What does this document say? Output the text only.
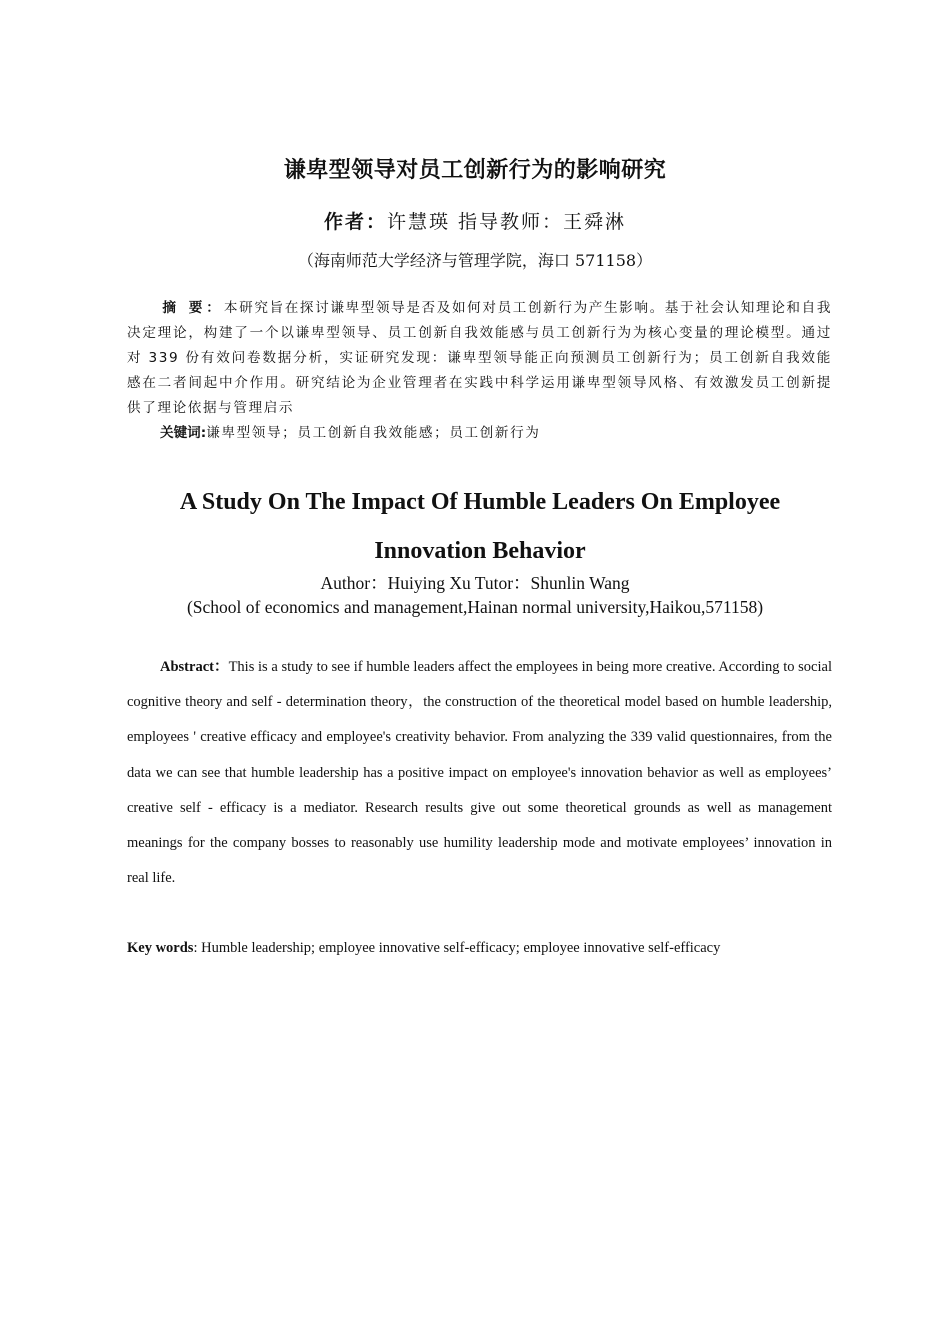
谦卑型领导对员工创新行为的影响研究
作者：许慧瑛 指导教师：王舜淋
（海南师范大学经济与管理学院，海口 571158）
摘 要：本研究旨在探讨谦卑型领导是否及如何对员工创新行为产生影响。基于社会认知理论和自我决定理论，构建了一个以谦卑型领导、员工创新自我效能感与员工创新行为为核心变量的理论模型。通过对 339 份有效问卷数据分析，实证研究发现：谦卑型领导能正向预测员工创新行为；员工创新自我效能感在二者间起中介作用。研究结论为企业管理者在实践中科学运用谦卑型领导风格、有效激发员工创新提供了理论依据与管理启示
关键词:谦卑型领导；员工创新自我效能感；员工创新行为
A Study On The Impact Of Humble Leaders On Employee Innovation Behavior
Author：Huiying Xu Tutor：Shunlin Wang
(School of economics and management,Hainan normal university,Haikou,571158)
Abstract：This is a study to see if humble leaders affect the employees in being more creative. According to social cognitive theory and self - determination theory，the construction of the theoretical model based on humble leadership, employees ' creative efficacy and employee's creativity behavior. From analyzing the 339 valid questionnaires, from the data we can see that humble leadership has a positive impact on employee's innovation behavior as well as employees’ creative self - efficacy is a mediator. Research results give out some theoretical grounds as well as management meanings for the company bosses to reasonably use humility leadership mode and motivate employees’ innovation in real life.
Key words: Humble leadership; employee innovative self-efficacy; employee innovative self-efficacy
